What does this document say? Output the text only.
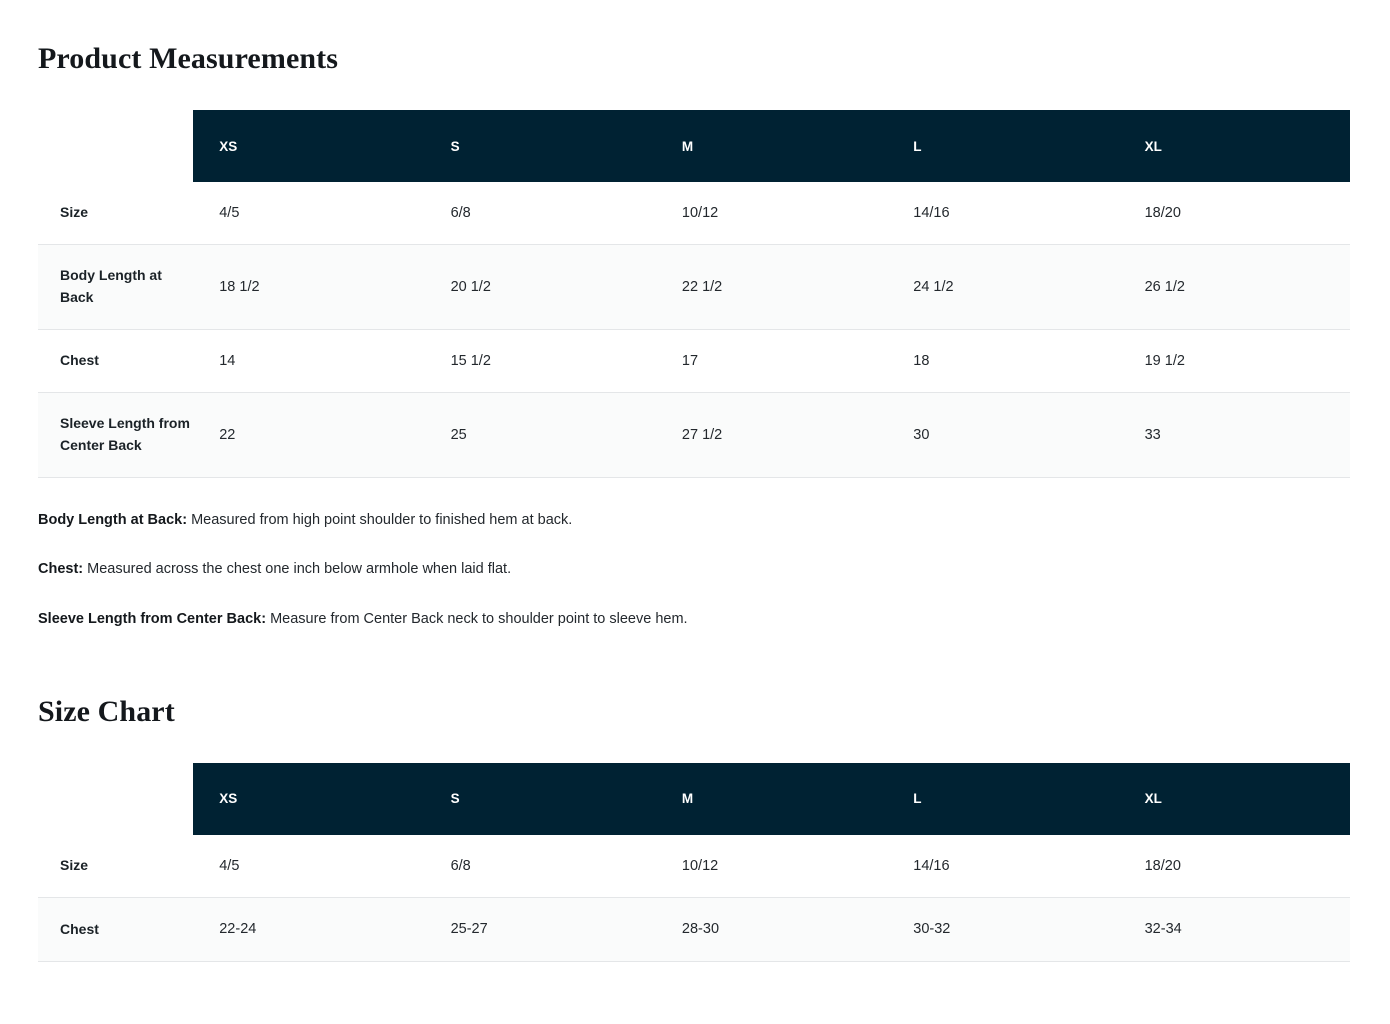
Product Measurements
	XS	S	M	L	XL
Size	4/5	6/8	10/12	14/16	18/20
Body Length at Back	18 1/2	20 1/2	22 1/2	24 1/2	26 1/2
Chest	14	15 1/2	17	18	19 1/2
Sleeve Length from Center Back	22	25	27 1/2	30	33

Body Length at Back: Measured from high point shoulder to finished hem at back.

Chest: Measured across the chest one inch below armhole when laid flat.

Sleeve Length from Center Back: Measure from Center Back neck to shoulder point to sleeve hem.

Size Chart
	XS	S	M	L	XL
Size	4/5	6/8	10/12	14/16	18/20
Chest	22-24	25-27	28-30	30-32	32-34
